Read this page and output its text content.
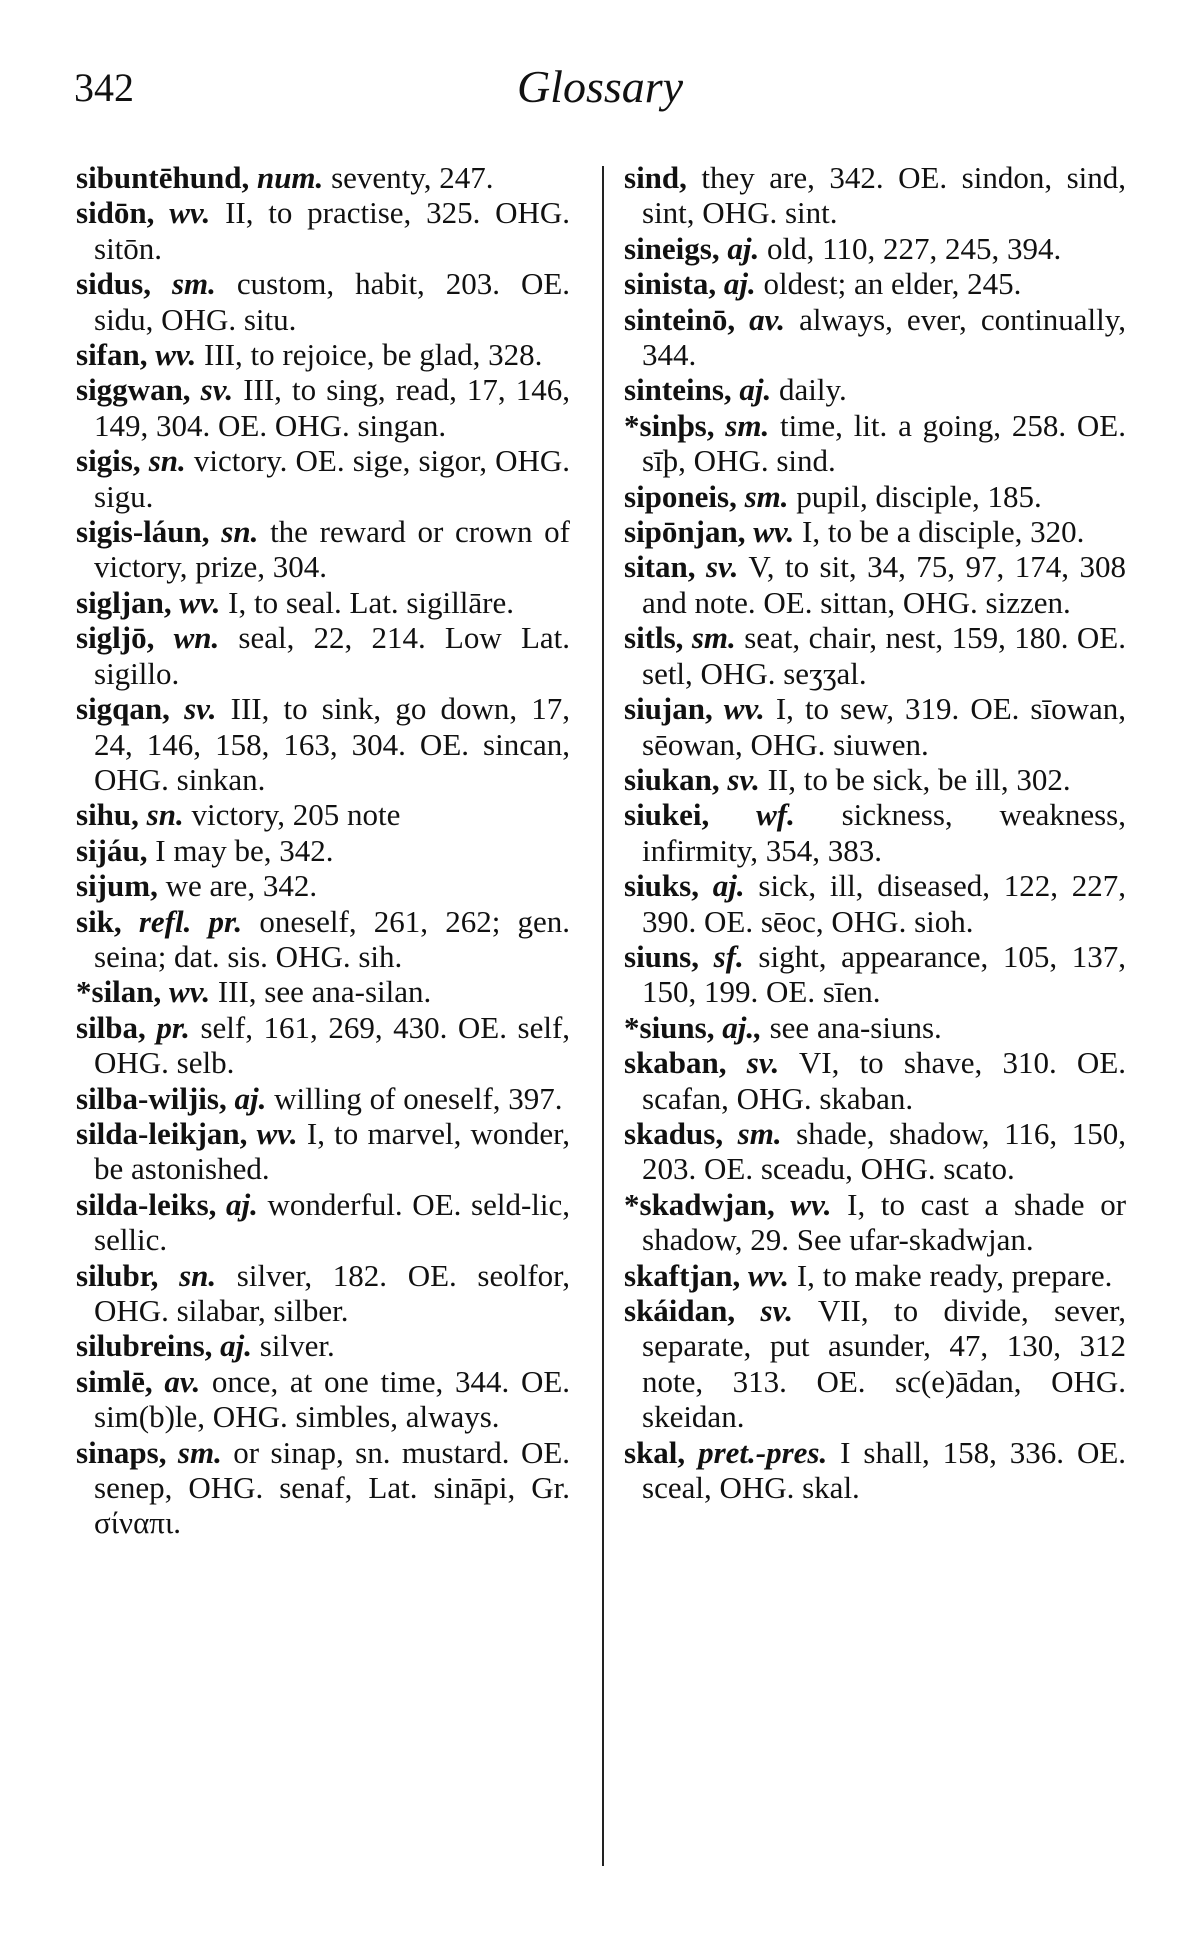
342	Glossary

sibuntēhund, num. seventy, 247.

sidōn, wv. II, to practise, 325. OHG. sitōn.

sidus, sm. custom, habit, 203. OE. sidu, OHG. situ.

sifan, wv. III, to rejoice, be glad, 328.

siggwan, sv. III, to sing, read, 17, 146, 149, 304. OE. OHG. singan.

sigis, sn. victory. OE. sige, sigor, OHG. sigu.

sigis-láun, sn. the reward or crown of victory, prize, 304.

sigljan, wv. I, to seal. Lat. sigillāre.

sigljō, wn. seal, 22, 214. Low Lat. sigillo.

sigqan, sv. III, to sink, go down, 17, 24, 146, 158, 163, 304. OE. sincan, OHG. sinkan.

sihu, sn. victory, 205 note

sijáu, I may be, 342.

sijum, we are, 342.

sik, refl. pr. oneself, 261, 262; gen. seina; dat. sis. OHG. sih.

*silan, wv. III, see ana-silan.

silba, pr. self, 161, 269, 430. OE. self, OHG. selb.

silba-wiljis, aj. willing of oneself, 397.

silda-leikjan, wv. I, to marvel, wonder, be astonished.

silda-leiks, aj. wonderful. OE. seld-lic, sellic.

silubr, sn. silver, 182. OE. seolfor, OHG. silabar, silber.

silubreins, aj. silver.

simlē, av. once, at one time, 344. OE. sim(b)le, OHG. simbles, always.

sinaps, sm. or sinap, sn. mustard. OE. senep, OHG. senaf, Lat. sināpi, Gr. σίναπι.

sind, they are, 342. OE. sindon, sind, sint, OHG. sint.

sineigs, aj. old, 110, 227, 245, 394.

sinista, aj. oldest; an elder, 245.

sinteinō, av. always, ever, continually, 344.

sinteins, aj. daily.

*sinþs, sm. time, lit. a going, 258. OE. sīþ, OHG. sind.

siponeis, sm. pupil, disciple, 185.

sipōnjan, wv. I, to be a disciple, 320.

sitan, sv. V, to sit, 34, 75, 97, 174, 308 and note. OE. sittan, OHG. sizzen.

sitls, sm. seat, chair, nest, 159, 180. OE. setl, OHG. seʒʒal.

siujan, wv. I, to sew, 319. OE. sīowan, sēowan, OHG. siuwen.

siukan, sv. II, to be sick, be ill, 302.

siukei, wf. sickness, weakness, infirmity, 354, 383.

siuks, aj. sick, ill, diseased, 122, 227, 390. OE. sēoc, OHG. sioh.

siuns, sf. sight, appearance, 105, 137, 150, 199. OE. sīen.

*siuns, aj., see ana-siuns.

skaban, sv. VI, to shave, 310. OE. scafan, OHG. skaban.

skadus, sm. shade, shadow, 116, 150, 203. OE. sceadu, OHG. scato.

*skadwjan, wv. I, to cast a shade or shadow, 29. See ufar-skadwjan.

skaftjan, wv. I, to make ready, prepare.

skáidan, sv. VII, to divide, sever, separate, put asunder, 47, 130, 312 note, 313. OE. sc(e)ādan, OHG. skeidan.

skal, pret.-pres. I shall, 158, 336. OE. sceal, OHG. skal.
